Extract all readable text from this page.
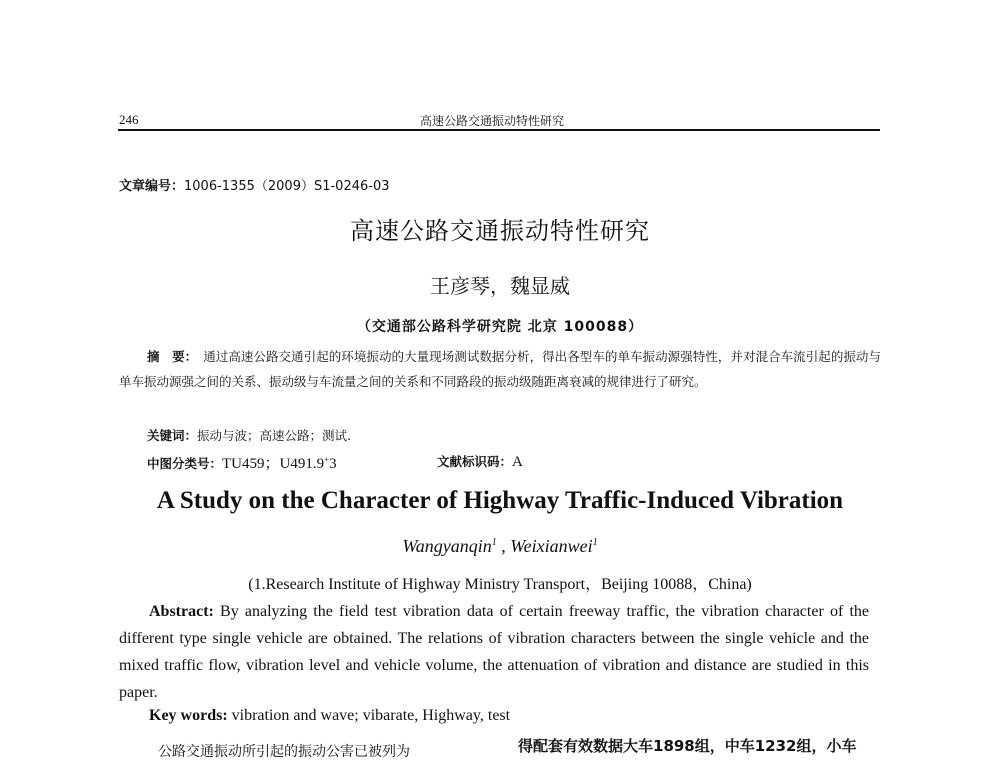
246	高速公路交通振动特性研究
文章编号：1006-1355（2009）S1-0246-03
高速公路交通振动特性研究
王彦琴，魏显威
（交通部公路科学研究院 北京 100088）
摘　要： 通过高速公路交通引起的环境振动的大量现场测试数据分析，得出各型车的单车振动源强特性，并对混合车流引起的振动与单车振动源强之间的关系、振动级与车流量之间的关系和不同路段的振动级随距离衰减的规律进行了研究。
关键词：振动与波；高速公路；测试.
中图分类号：TU459；U491.9+3	文献标识码：A
A Study on the Character of Highway Traffic-Induced Vibration
Wangyanqin$^1$ , Weixianwei$^1$
(1.Research Institute of Highway Ministry Transport，Beijing 10088，China)
Abstract: By analyzing the field test vibration data of certain freeway traffic, the vibration character of the different type single vehicle are obtained. The relations of vibration characters between the single vehicle and the mixed traffic flow, vibration level and vehicle volume, the attenuation of vibration and distance are studied in this paper.
Key words: vibration and wave; vibarate, Highway, test
公路交通振动所引起的振动公害已被列为	得配套有效数据大车1898组，中车1232组，小车
